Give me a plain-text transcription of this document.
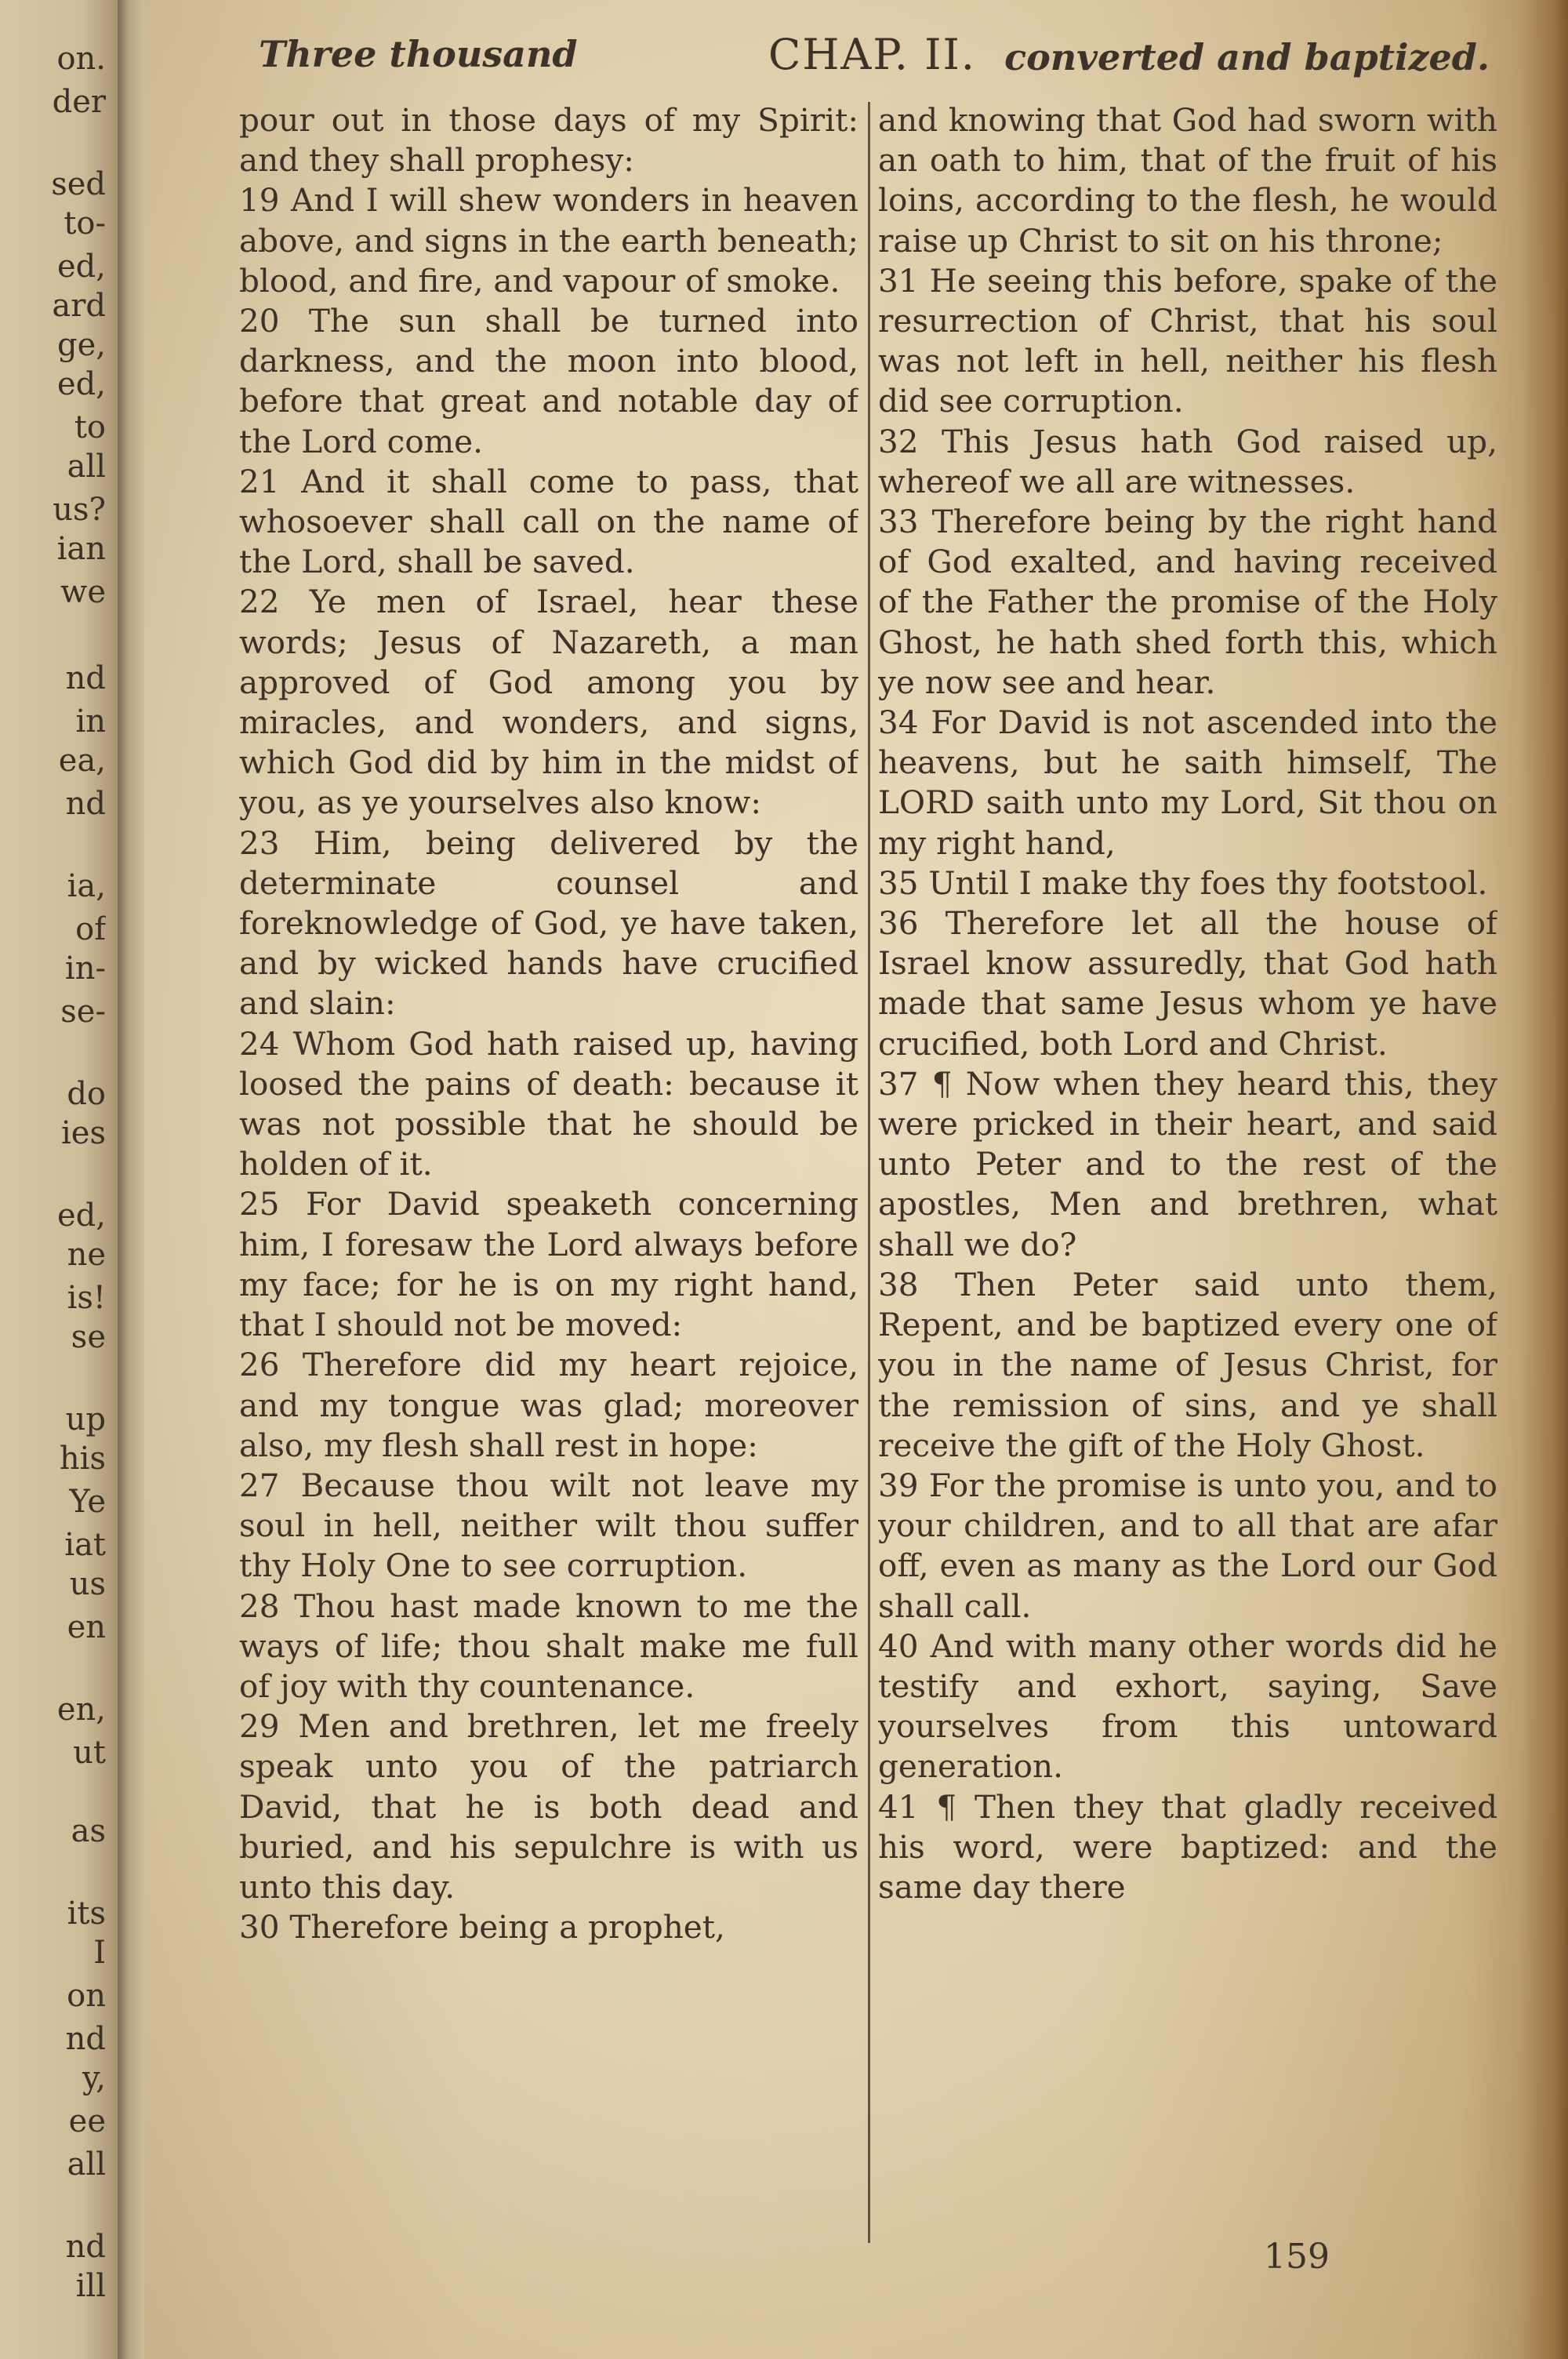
on.
der
sed
to-
ed,
ard
ge,
ed,
to
all
us?
ian
we
nd
in
ea,
nd
ia,
of
in-
se-
do
ies
ed,
ne
is!
se
up
his
Ye
iat
us
en
en,
ut
as
its
I
on
nd
y,
ee
all
nd
ill
Three thousand	CHAP. II. converted and baptized.

pour out in those days of my Spirit: and they shall prophesy:

19 And I will shew wonders in heaven above, and signs in the earth beneath; blood, and fire, and vapour of smoke.

20 The sun shall be turned into darkness, and the moon into blood, before that great and notable day of the Lord come.

21 And it shall come to pass, that whosoever shall call on the name of the Lord, shall be saved.

22 Ye men of Israel, hear these words; Jesus of Nazareth, a man approved of God among you by miracles, and wonders, and signs, which God did by him in the midst of you, as ye yourselves also know:

23 Him, being delivered by the determinate counsel and foreknowledge of God, ye have taken, and by wicked hands have crucified and slain:

24 Whom God hath raised up, having loosed the pains of death: because it was not possible that he should be holden of it.

25 For David speaketh concerning him, I foresaw the Lord always before my face; for he is on my right hand, that I should not be moved:

26 Therefore did my heart rejoice, and my tongue was glad; moreover also, my flesh shall rest in hope:

27 Because thou wilt not leave my soul in hell, neither wilt thou suffer thy Holy One to see corruption.

28 Thou hast made known to me the ways of life; thou shalt make me full of joy with thy countenance.

29 Men and brethren, let me freely speak unto you of the patriarch David, that he is both dead and buried, and his sepulchre is with us unto this day.

30 Therefore being a prophet,

and knowing that God had sworn with an oath to him, that of the fruit of his loins, according to the flesh, he would raise up Christ to sit on his throne;

31 He seeing this before, spake of the resurrection of Christ, that his soul was not left in hell, neither his flesh did see corruption.

32 This Jesus hath God raised up, whereof we all are witnesses.

33 Therefore being by the right hand of God exalted, and having received of the Father the promise of the Holy Ghost, he hath shed forth this, which ye now see and hear.

34 For David is not ascended into the heavens, but he saith himself, The LORD saith unto my Lord, Sit thou on my right hand,

35 Until I make thy foes thy footstool.

36 Therefore let all the house of Israel know assuredly, that God hath made that same Jesus whom ye have crucified, both Lord and Christ.

37 ¶ Now when they heard this, they were pricked in their heart, and said unto Peter and to the rest of the apostles, Men and brethren, what shall we do?

38 Then Peter said unto them, Repent, and be baptized every one of you in the name of Jesus Christ, for the remission of sins, and ye shall receive the gift of the Holy Ghost.

39 For the promise is unto you, and to your children, and to all that are afar off, even as many as the Lord our God shall call.

40 And with many other words did he testify and exhort, saying, Save yourselves from this untoward generation.

41 ¶ Then they that gladly received his word, were baptized: and the same day there

159
